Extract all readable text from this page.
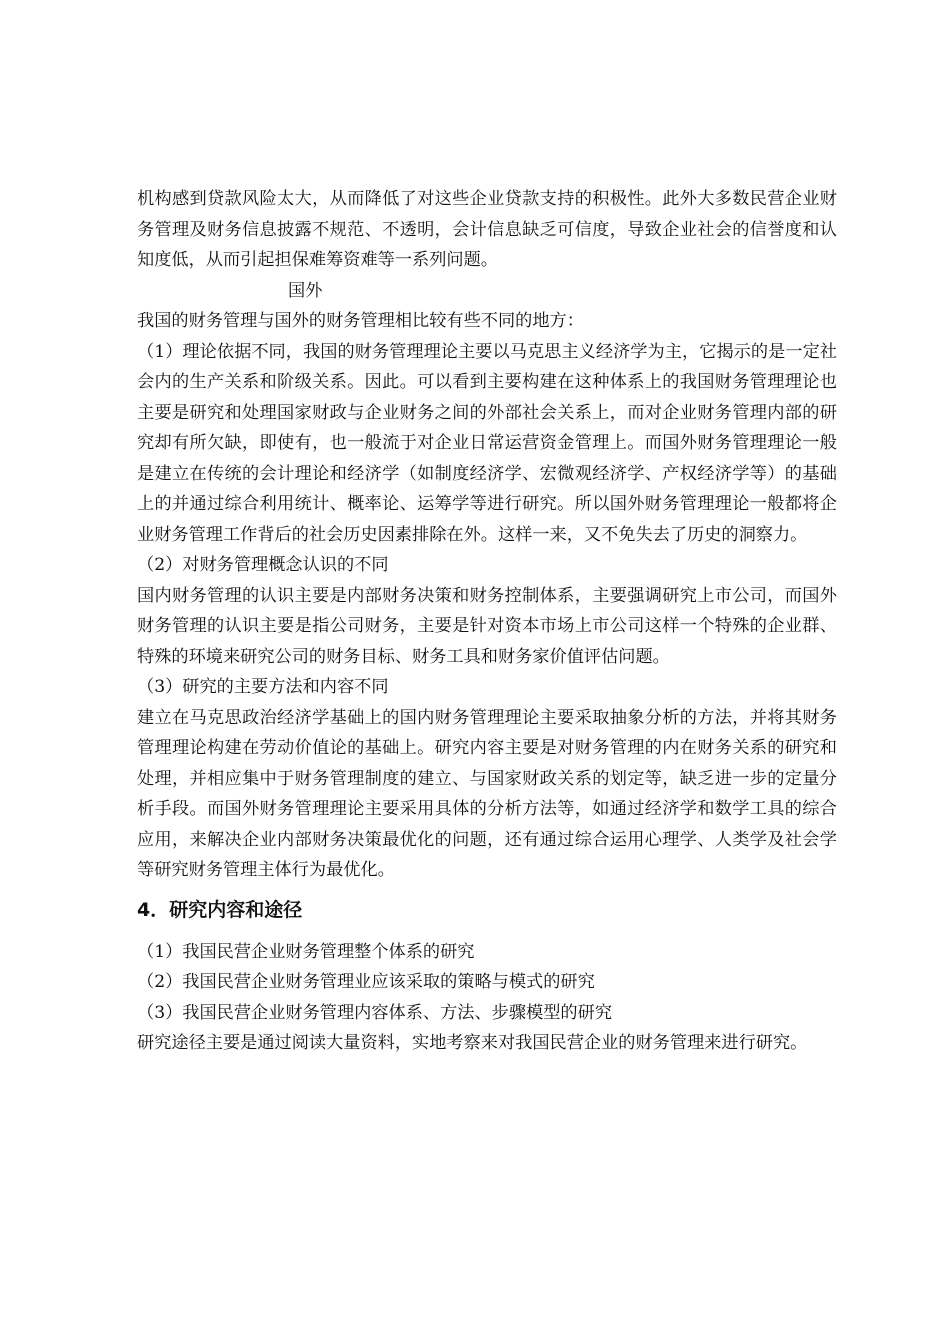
机构感到贷款风险太大，从而降低了对这些企业贷款支持的积极性。此外大多数民营企业财务管理及财务信息披露不规范、不透明，会计信息缺乏可信度，导致企业社会的信誉度和认知度低，从而引起担保难筹资难等一系列问题。

国外

我国的财务管理与国外的财务管理相比较有些不同的地方：

（1）理论依据不同，我国的财务管理理论主要以马克思主义经济学为主，它揭示的是一定社会内的生产关系和阶级关系。因此。可以看到主要构建在这种体系上的我国财务管理理论也主要是研究和处理国家财政与企业财务之间的外部社会关系上，而对企业财务管理内部的研究却有所欠缺，即使有，也一般流于对企业日常运营资金管理上。而国外财务管理理论一般是建立在传统的会计理论和经济学（如制度经济学、宏微观经济学、产权经济学等）的基础上的并通过综合利用统计、概率论、运筹学等进行研究。所以国外财务管理理论一般都将企业财务管理工作背后的社会历史因素排除在外。这样一来，又不免失去了历史的洞察力。

（2）对财务管理概念认识的不同

国内财务管理的认识主要是内部财务决策和财务控制体系，主要强调研究上市公司，而国外财务管理的认识主要是指公司财务，主要是针对资本市场上市公司这样一个特殊的企业群、特殊的环境来研究公司的财务目标、财务工具和财务家价值评估问题。

（3）研究的主要方法和内容不同

建立在马克思政治经济学基础上的国内财务管理理论主要采取抽象分析的方法，并将其财务管理理论构建在劳动价值论的基础上。研究内容主要是对财务管理的内在财务关系的研究和处理，并相应集中于财务管理制度的建立、与国家财政关系的划定等，缺乏进一步的定量分析手段。而国外财务管理理论主要采用具体的分析方法等，如通过经济学和数学工具的综合应用，来解决企业内部财务决策最优化的问题，还有通过综合运用心理学、人类学及社会学等研究财务管理主体行为最优化。

4．研究内容和途径

（1）我国民营企业财务管理整个体系的研究

（2）我国民营企业财务管理业应该采取的策略与模式的研究

（3）我国民营企业财务管理内容体系、方法、步骤模型的研究

研究途径主要是通过阅读大量资料，实地考察来对我国民营企业的财务管理来进行研究。
